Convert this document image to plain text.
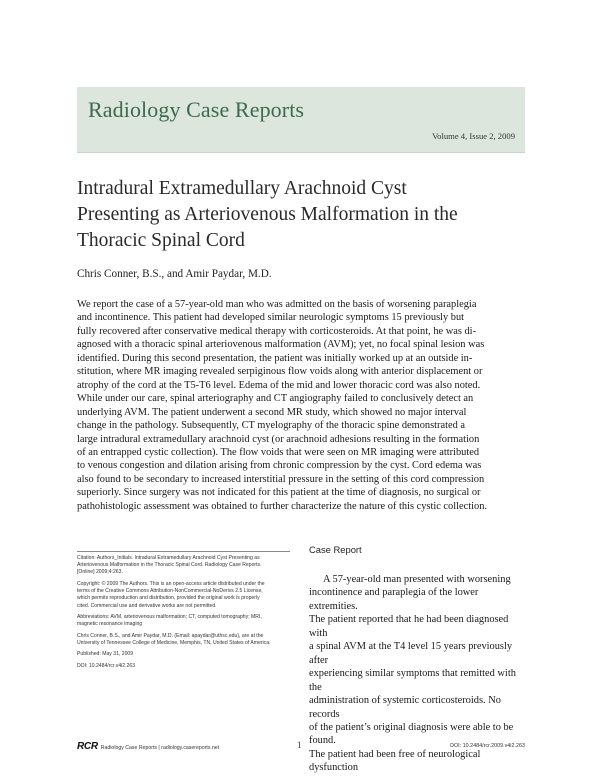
Radiology Case Reports
Volume 4, Issue 2, 2009
Intradural Extramedullary Arachnoid Cyst
Presenting as Arteriovenous Malformation in the
Thoracic Spinal Cord
Chris Conner, B.S., and Amir Paydar, M.D.
We report the case of a 57-year-old man who was admitted on the basis of worsening paraplegia
and incontinence. This patient had developed similar neurologic symptoms 15 previously but
fully recovered after conservative medical therapy with corticosteroids. At that point, he was di-
agnosed with a thoracic spinal arteriovenous malformation (AVM); yet, no focal spinal lesion was
identified. During this second presentation, the patient was initially worked up at an outside in-
stitution, where MR imaging revealed serpiginous flow voids along with anterior displacement or
atrophy of the cord at the T5-T6 level. Edema of the mid and lower thoracic cord was also noted.
While under our care, spinal arteriography and CT angiography failed to conclusively detect an
underlying AVM. The patient underwent a second MR study, which showed no major interval
change in the pathology. Subsequently, CT myelography of the thoracic spine demonstrated a
large intradural extramedullary arachnoid cyst (or arachnoid adhesions resulting in the formation
of an entrapped cystic collection). The flow voids that were seen on MR imaging were attributed
to venous congestion and dilation arising from chronic compression by the cyst. Cord edema was
also found to be secondary to increased interstitial pressure in the setting of this cord compression
superiorly. Since surgery was not indicated for this patient at the time of diagnosis, no surgical or
pathohistologic assessment was obtained to further characterize the nature of this cystic collection.

Citation: Authors_Initials. Intradural Extramedullary Arachnoid Cyst Presenting as
Arteriovenous Malformation in the Thoracic Spinal Cord. Radiology Case Reports.
[Online] 2009;4:263.

Copyright: © 2009 The Authors. This is an open-access article distributed under the
terms of the Creative Commons Attribution-NonCommercial-NoDerivs 2.5 License,
which permits reproduction and distribution, provided the original work is properly
cited. Commercial use and derivative works are not permitted.

Abbreviations: AVM, arteriovenous malformation; CT, computed tomography; MRI,
magnetic resonance imaging

Chris Conner, B.S., and Amir Paydar, M.D. (Email: apaydar@uthsc.edu), are at the
University of Tennessee College of Medicine, Memphis, TN, United States of America.

Published: May 31, 2009

DOI: 10.2484/rcr.v4i2.263

Case Report
A 57-year-old man presented with worsening
incontinence and paraplegia of the lower extremities.
The patient reported that he had been diagnosed with
a spinal AVM at the T4 level 15 years previously after
experiencing similar symptoms that remitted with the
administration of systemic corticosteroids. No records
of the patient’s original diagnosis were able to be found.
The patient had been free of neurological dysfunction
RCR Radiology Case Reports | radiology.casereports.net	1	DOI: 10.2484/rcr.2009.v4i2.263
